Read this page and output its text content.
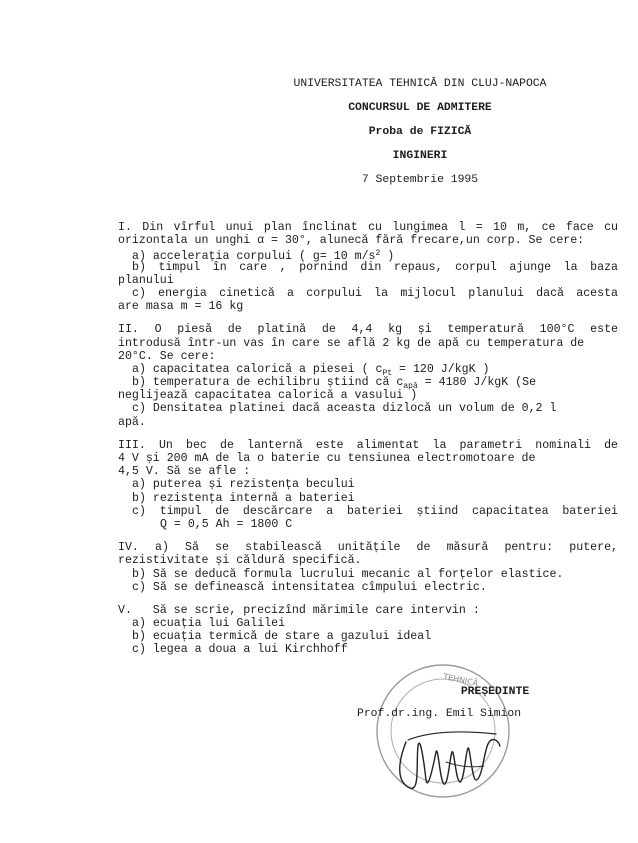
UNIVERSITATEA TEHNICĂ DIN CLUJ-NAPOCA
CONCURSUL DE ADMITERE
Proba de FIZICĂ
INGINERI
7 Septembrie 1995
I. Din vîrful unui plan înclinat cu lungimea l = 10 m, ce face cu
orizontala un unghi α = 30°, alunecă fără frecare,un corp. Se cere:
a) accelerația corpului ( g= 10 $m/s^2$ )
b) timpul în care , pornind din repaus, corpul ajunge la baza
planului
c) energia cinetică a corpului la mijlocul planului dacă acesta
are masa m = 16 kg
II. O piesă de platină de 4,4 kg și temperatură 100°C este
introdusă într-un vas în care se află 2 kg de apă cu temperatura de
20°C. Se cere:
a) capacitatea calorică a piesei ( $c_{Pt} = 120$ J/kgK )
b) temperatura de echilibru știind că $c_{apă} = 4180$ J/kgK (Se
neglijează capacitatea calorică a vasului )
c) Densitatea platinei dacă aceasta dizlocă un volum de 0,2 l
apă.
III. Un bec de lanternă este alimentat la parametri nominali de
4 V și 200 mA de la o baterie cu tensiunea electromotoare de
4,5 V. Să se afle :
a) puterea și rezistența becului
b) rezistența internă a bateriei
c) timpul de descărcare a bateriei știind capacitatea bateriei
Q = 0,5 Ah = 1800 C
IV. a) Să se stabilească unitățile de măsură pentru: putere,
rezistivitate și căldură specifică.
b) Să se deducă formula lucrului mecanic al forțelor elastice.
c) Să se definească intensitatea cîmpului electric.
V.   Să se scrie, precizînd mărimile care intervin :
a) ecuația lui Galilei
b) ecuația termică de stare a gazului ideal
c) legea a doua a lui Kirchhoff
TEHNICĂ
PREȘEDINTE
Prof.dr.ing. Emil Simion
